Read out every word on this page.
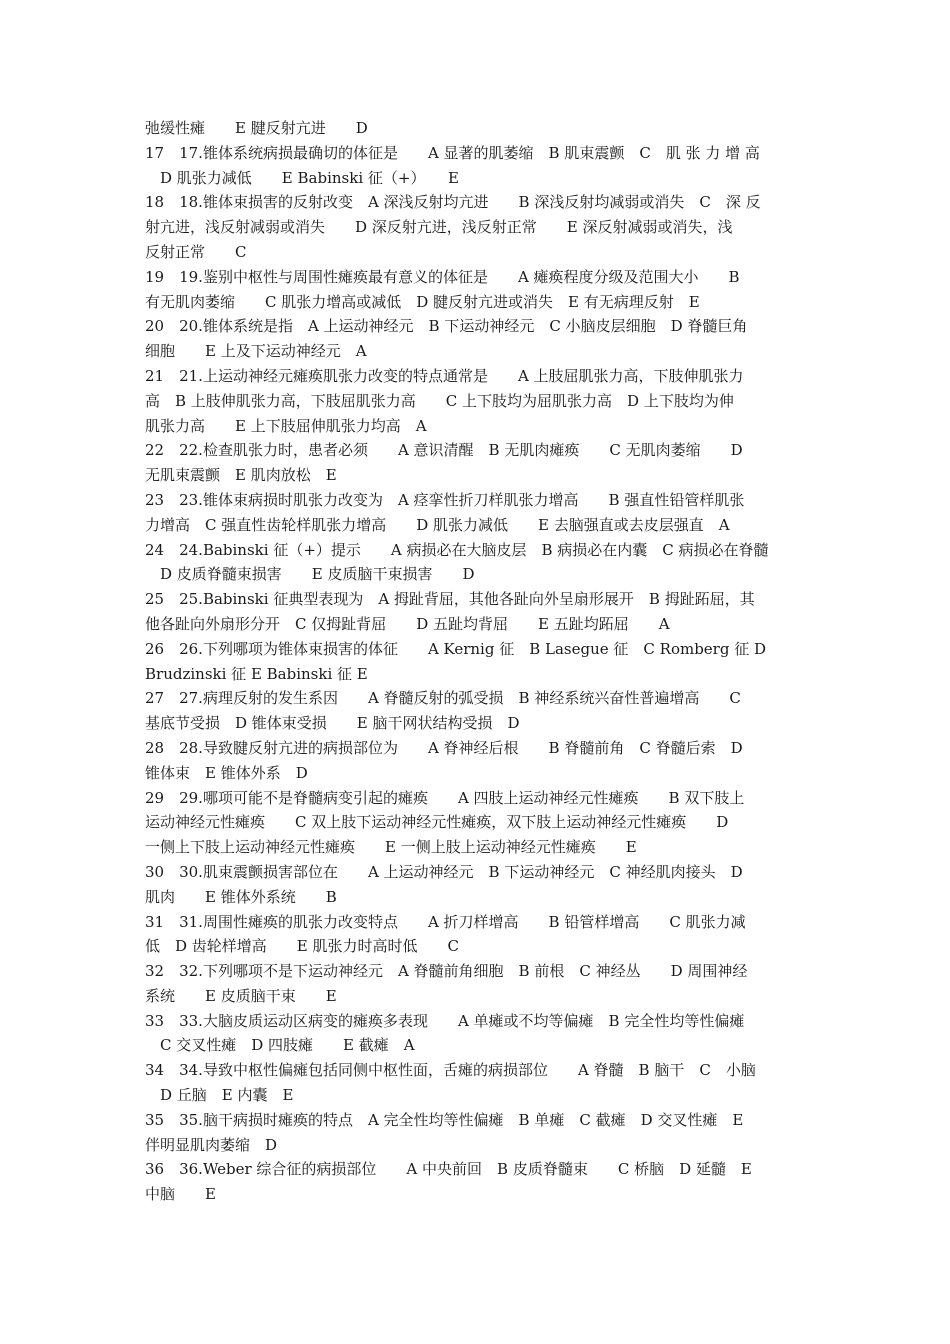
弛缓性瘫　　E 腱反射亢进　　D
17　17.锥体系统病损最确切的体征是　　A 显著的肌萎缩　B 肌束震颤　C　肌 张 力 增 高
　D 肌张力减低　　E Babinski 征（+）　　E
18　18.锥体束损害的反射改变　A 深浅反射均亢进　　B 深浅反射均减弱或消失　C　深 反
射亢进，浅反射减弱或消失　　D 深反射亢进，浅反射正常　　E 深反射减弱或消失，浅
反射正常　　C
19　19.鉴别中枢性与周围性瘫痪最有意义的体征是　　A 瘫痪程度分级及范围大小　　B
有无肌肉萎缩　　C 肌张力增高或减低　D 腱反射亢进或消失　E 有无病理反射　E
20　20.锥体系统是指　A 上运动神经元　B 下运动神经元　C 小脑皮层细胞　D 脊髓巨角
细胞　　E 上及下运动神经元　A
21　21.上运动神经元瘫痪肌张力改变的特点通常是　　A 上肢屈肌张力高，下肢伸肌张力
高　B 上肢伸肌张力高，下肢屈肌张力高　　C 上下肢均为屈肌张力高　D 上下肢均为伸
肌张力高　　E 上下肢屈伸肌张力均高　A
22　22.检查肌张力时，患者必须　　A 意识清醒　B 无肌肉瘫痪　　C 无肌肉萎缩　　D
无肌束震颤　E 肌肉放松　E
23　23.锥体束病损时肌张力改变为　A 痉挛性折刀样肌张力增高　　B 强直性铅管样肌张
力增高　C 强直性齿轮样肌张力增高　　D 肌张力减低　　E 去脑强直或去皮层强直　A
24　24.Babinski 征（+）提示　　A 病损必在大脑皮层　B 病损必在内囊　C 病损必在脊髓
　D 皮质脊髓束损害　　E 皮质脑干束损害　　D
25　25.Babinski 征典型表现为　A 拇趾背屈，其他各趾向外呈扇形展开　B 拇趾跖屈，其
他各趾向外扇形分开　C 仅拇趾背屈　　D 五趾均背屈　　E 五趾均跖屈　　A
26　26.下列哪项为锥体束损害的体征　　A Kernig 征　B Lasegue 征　C Romberg 征 D
Brudzinski 征 E Babinski 征 E
27　27.病理反射的发生系因　　A 脊髓反射的弧受损　B 神经系统兴奋性普遍增高　　C
基底节受损　D 锥体束受损　　E 脑干网状结构受损　D
28　28.导致腱反射亢进的病损部位为　　A 脊神经后根　　B 脊髓前角　C 脊髓后索　D
锥体束　E 锥体外系　D
29　29.哪项可能不是脊髓病变引起的瘫痪　　A 四肢上运动神经元性瘫痪　　B 双下肢上
运动神经元性瘫痪　　C 双上肢下运动神经元性瘫痪，双下肢上运动神经元性瘫痪　　D
一侧上下肢上运动神经元性瘫痪　　E 一侧上肢上运动神经元性瘫痪　　E
30　30.肌束震颤损害部位在　　A 上运动神经元　B 下运动神经元　C 神经肌肉接头　D
肌肉　　E 锥体外系统　　B
31　31.周围性瘫痪的肌张力改变特点　　A 折刀样增高　　B 铅管样增高　　C 肌张力减
低　D 齿轮样增高　　E 肌张力时高时低　　C
32　32.下列哪项不是下运动神经元　A 脊髓前角细胞　B 前根　C 神经丛　　D 周围神经
系统　　E 皮质脑干束　　E
33　33.大脑皮质运动区病变的瘫痪多表现　　A 单瘫或不均等偏瘫　B 完全性均等性偏瘫
　C 交叉性瘫　D 四肢瘫　　E 截瘫　A
34　34.导致中枢性偏瘫包括同侧中枢性面，舌瘫的病损部位　　A 脊髓　B 脑干　C　小脑
　D 丘脑　E 内囊　E
35　35.脑干病损时瘫痪的特点　A 完全性均等性偏瘫　B 单瘫　C 截瘫　D 交叉性瘫　E
伴明显肌肉萎缩　D
36　36.Weber 综合征的病损部位　　A 中央前回　B 皮质脊髓束　　C 桥脑　D 延髓　E
中脑　　E
